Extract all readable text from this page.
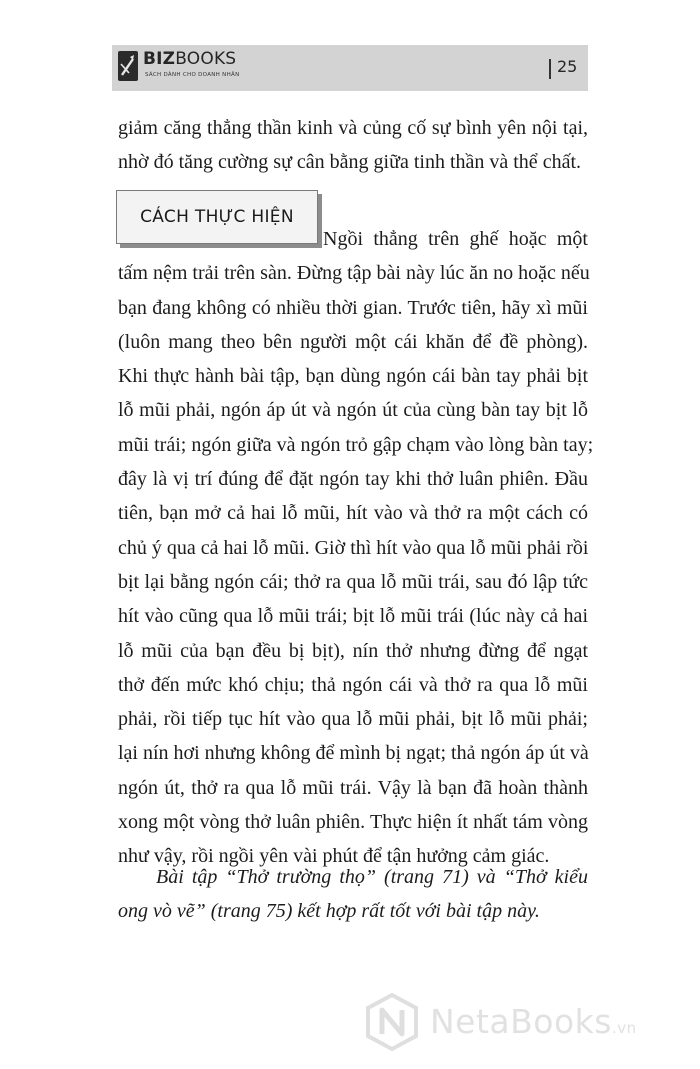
BIZBOOKS
SÁCH DÀNH CHO DOANH NHÂN	25
giảm căng thẳng thần kinh và củng cố sự bình yên nội tại,
nhờ đó tăng cường sự cân bằng giữa tinh thần và thể chất.
CÁCH THỰC HIỆN
Ngồi thẳng trên ghế hoặc một
tấm nệm trải trên sàn. Đừng tập bài này lúc ăn no hoặc nếu
bạn đang không có nhiều thời gian. Trước tiên, hãy xì mũi
(luôn mang theo bên người một cái khăn để đề phòng).
Khi thực hành bài tập, bạn dùng ngón cái bàn tay phải bịt
lỗ mũi phải, ngón áp út và ngón út của cùng bàn tay bịt lỗ
mũi trái; ngón giữa và ngón trỏ gập chạm vào lòng bàn tay;
đây là vị trí đúng để đặt ngón tay khi thở luân phiên. Đầu
tiên, bạn mở cả hai lỗ mũi, hít vào và thở ra một cách có
chủ ý qua cả hai lỗ mũi. Giờ thì hít vào qua lỗ mũi phải rồi
bịt lại bằng ngón cái; thở ra qua lỗ mũi trái, sau đó lập tức
hít vào cũng qua lỗ mũi trái; bịt lỗ mũi trái (lúc này cả hai
lỗ mũi của bạn đều bị bịt), nín thở nhưng đừng để ngạt
thở đến mức khó chịu; thả ngón cái và thở ra qua lỗ mũi
phải, rồi tiếp tục hít vào qua lỗ mũi phải, bịt lỗ mũi phải;
lại nín hơi nhưng không để mình bị ngạt; thả ngón áp út và
ngón út, thở ra qua lỗ mũi trái. Vậy là bạn đã hoàn thành
xong một vòng thở luân phiên. Thực hiện ít nhất tám vòng
như vậy, rồi ngồi yên vài phút để tận hưởng cảm giác.
Bài tập “Thở trường thọ” (trang 71) và “Thở kiểu
ong vò vẽ” (trang 75) kết hợp rất tốt với bài tập này.
NetaBooks.vn
